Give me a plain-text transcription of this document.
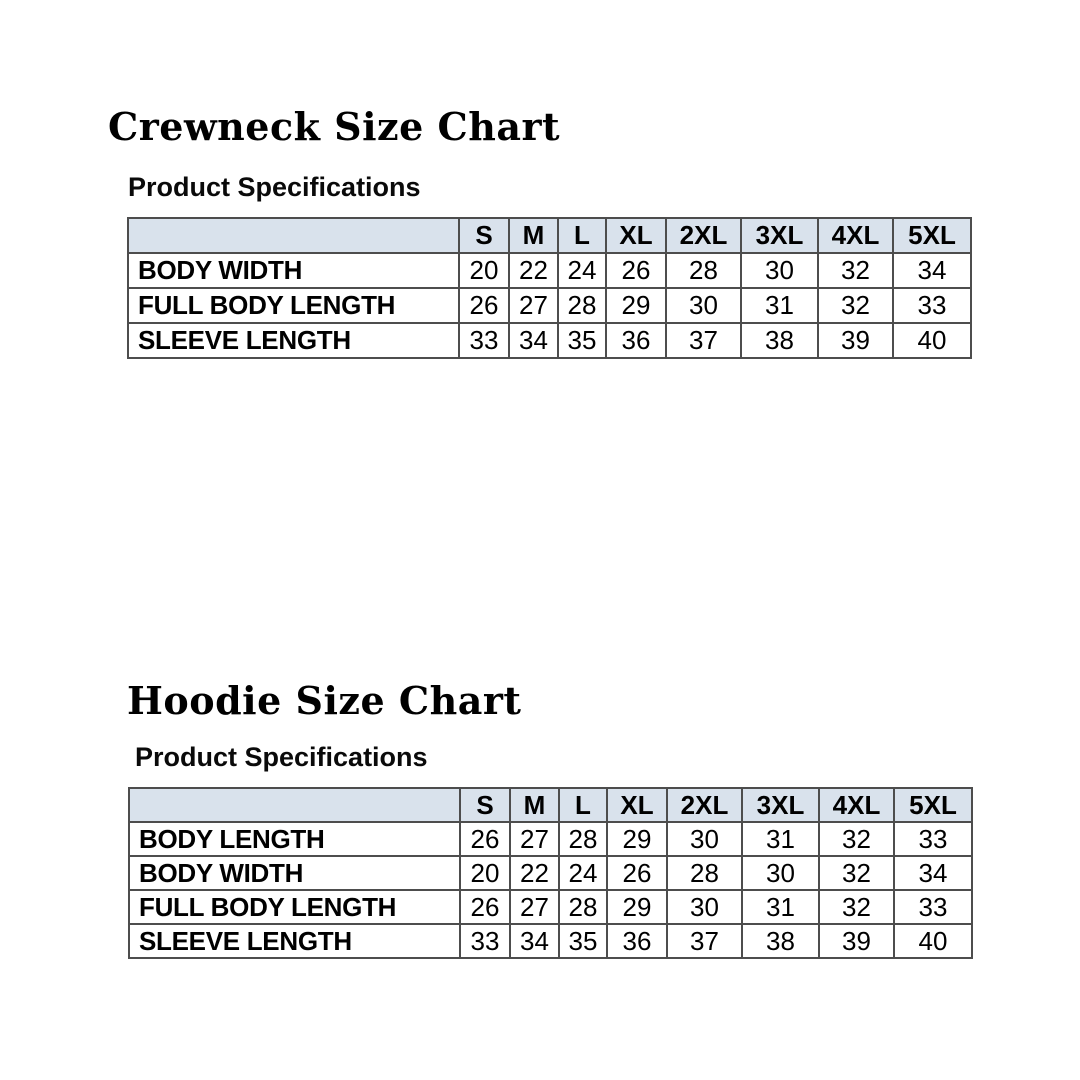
Crewneck Size Chart
Product Specifications
	S	M	L	XL	2XL	3XL	4XL	5XL
BODY WIDTH	20	22	24	26	28	30	32	34
FULL BODY LENGTH	26	27	28	29	30	31	32	33
SLEEVE LENGTH	33	34	35	36	37	38	39	40
Hoodie Size Chart
Product Specifications
	S	M	L	XL	2XL	3XL	4XL	5XL
BODY LENGTH	26	27	28	29	30	31	32	33
BODY WIDTH	20	22	24	26	28	30	32	34
FULL BODY LENGTH	26	27	28	29	30	31	32	33
SLEEVE LENGTH	33	34	35	36	37	38	39	40
